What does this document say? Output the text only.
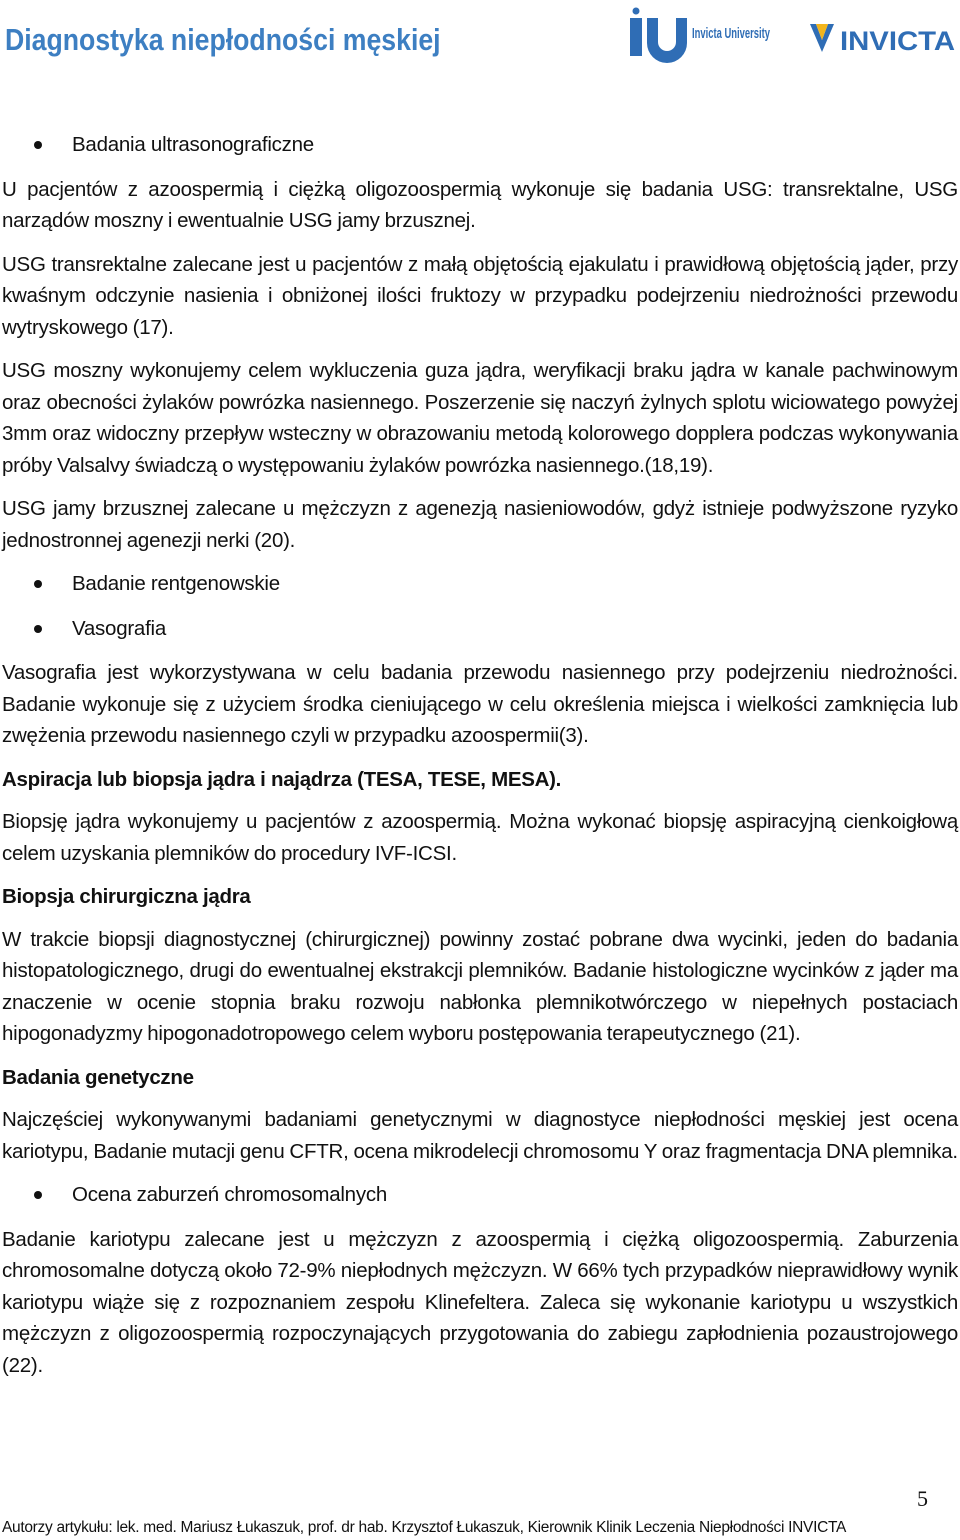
Diagnostyka niepłodności męskiej	Invicta University	INVICTA
Badania ultrasonograficzne

U pacjentów z azoospermią i ciężką oligozoospermią wykonuje się badania USG: transrektalne, USG narządów moszny i ewentualnie USG jamy brzusznej.

USG transrektalne zalecane jest u pacjentów z małą objętością ejakulatu i prawidłową objętością jąder, przy kwaśnym odczynie nasienia i obniżonej ilości fruktozy w przypadku podejrzeniu niedrożności przewodu wytryskowego (17).

USG moszny wykonujemy celem wykluczenia guza jądra, weryfikacji braku jądra w kanale pachwinowym oraz obecności żylaków powrózka nasiennego. Poszerzenie się naczyń żylnych splotu wiciowatego powyżej 3mm oraz widoczny przepływ wsteczny w obrazowaniu metodą kolorowego dopplera podczas wykonywania próby Valsalvy świadczą o występowaniu żylaków powrózka nasiennego.(18,19).

USG jamy brzusznej zalecane u mężczyzn z agenezją nasieniowodów, gdyż istnieje podwyższone ryzyko jednostronnej agenezji nerki (20).

Badanie rentgenowskie
Vasografia

Vasografia jest wykorzystywana w celu badania przewodu nasiennego przy podejrzeniu niedrożności. Badanie wykonuje się z użyciem środka cieniującego w celu określenia miejsca i wielkości zamknięcia lub zwężenia przewodu nasiennego czyli w przypadku azoospermii(3).

Aspiracja lub biopsja jądra i najądrza (TESA, TESE, MESA).

Biopsję jądra wykonujemy u pacjentów z azoospermią. Można wykonać biopsję aspiracyjną cienkoigłową celem uzyskania plemników do procedury IVF-ICSI.

Biopsja chirurgiczna jądra

W trakcie biopsji diagnostycznej (chirurgicznej) powinny zostać pobrane dwa wycinki, jeden do badania histopatologicznego, drugi do ewentualnej ekstrakcji plemników. Badanie histologiczne wycinków z jąder ma znaczenie w ocenie stopnia braku rozwoju nabłonka plemnikotwórczego w niepełnych postaciach hipogonadyzmy hipogonadotropowego celem wyboru postępowania terapeutycznego (21).

Badania genetyczne

Najczęściej wykonywanymi badaniami genetycznymi w diagnostyce niepłodności męskiej jest ocena kariotypu, Badanie mutacji genu CFTR, ocena mikrodelecji chromosomu Y oraz fragmentacja DNA plemnika.

Ocena zaburzeń chromosomalnych

Badanie kariotypu zalecane jest u mężczyzn z azoospermią i ciężką oligozoospermią. Zaburzenia chromosomalne dotyczą około 72-9% niepłodnych mężczyzn. W 66% tych przypadków nieprawidłowy wynik kariotypu wiąże się z rozpoznaniem zespołu Klinefeltera. Zaleca się wykonanie kariotypu u wszystkich mężczyzn z oligozoospermią rozpoczynających przygotowania do zabiegu zapłodnienia pozaustrojowego (22).

5
Autorzy artykułu: lek. med. Mariusz Łukaszuk, prof. dr hab. Krzysztof Łukaszuk, Kierownik Klinik Leczenia Niepłodności INVICTA
